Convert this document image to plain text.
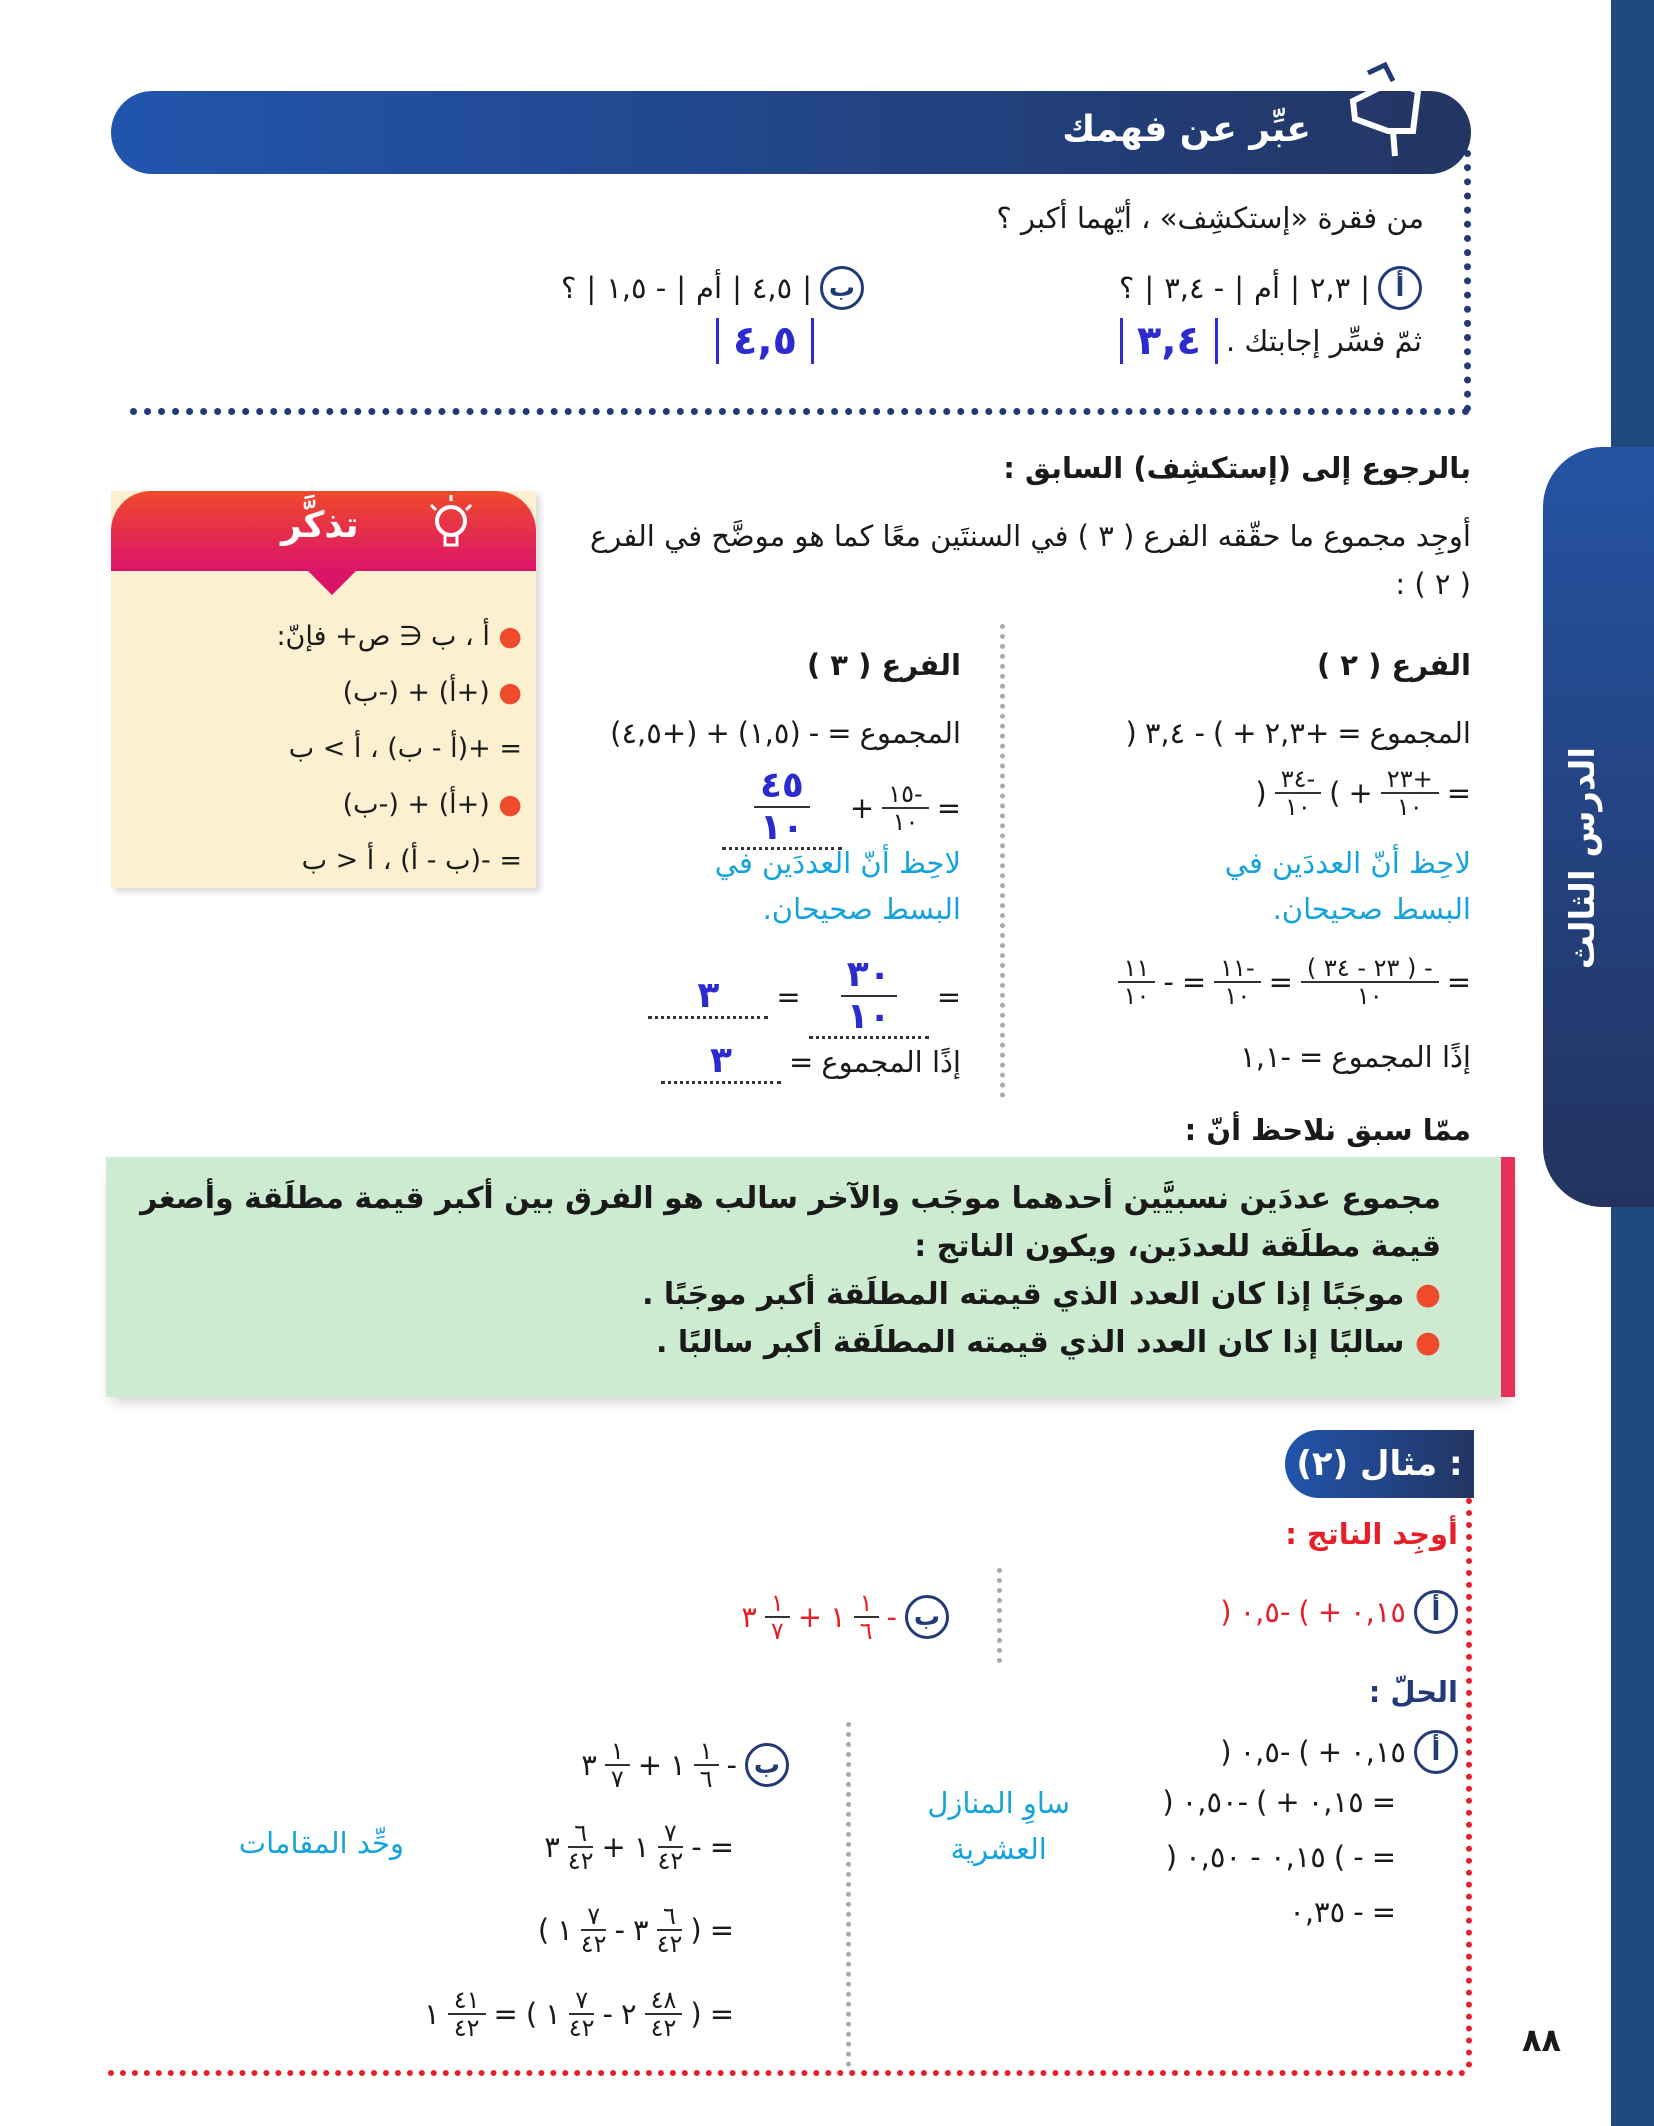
الدرس الثالث
عبِّر عن فهمك
من فقرة «إستكشِف» ، أيّهما أكبر ؟
؟ | ٣,٤ - | أم | ٢,٣ | أ
؟ | ١,٥ - | أم | ٤,٥ | ب
٣,٤ ثمّ فسِّر إجابتك .
٤,٥
بالرجوع إلى (إستكشِف) السابق :
أوجِد مجموع ما حقّقه الفرع ( ٣ ) في السنتَين معًا كما هو موضَّح في الفرع ( ٢ ) :
الفرع ( ٢ )
) ٣,٤ - ( + ٢,٣+ = المجموع
) $\frac{٣٤-}{١٠}$ ( + $\frac{٢٣+}{١٠}$ =
لاحِظ أنّ العددَين في
البسط صحيحان.
$\frac{١١}{١٠}$ - = $\frac{١١-}{١٠} = \frac{( ٢٣ - ٣٤ ) -}{١٠}$ =
١,١- = إذًا المجموع
الفرع ( ٣ )
(٤,٥+) + (١,٥) - = المجموع
$\frac{٤٥}{١٠} + \frac{١٥-}{١٠}$ =
لاحِظ أنّ العددَين في
البسط صحيحان.
٣	= $\frac{٣٠}{١٠}$ =
٣	= إذًا المجموع
تذكَّر
● أ ، ب ∈ ص+ فإنّ:
● (+أ) + (-ب)
= +(أ - ب) ، أ > ب
● (+أ) + (-ب)
= -(ب - أ) ، أ < ب
ممّا سبق نلاحظ أنّ :
مجموع عددَين نسبيَّين أحدهما موجَب والآخر سالب هو الفرق بين أكبر قيمة مطلَقة وأصغر قيمة مطلَقة للعددَين، ويكون الناتج :
● موجَبًا إذا كان العدد الذي قيمته المطلَقة أكبر موجَبًا .
● سالبًا إذا كان العدد الذي قيمته المطلَقة أكبر سالبًا .
مثال (٢) :
أوجِد الناتج :
) ٠,٥- ( + ٠,١٥ أ
٣ $\frac{١}{٧}$ + ١ $\frac{١}{٦}$ - ب
الحلّ :
) ٠,٥- ( + ٠,١٥ أ
) ٠,٥٠- ( + ٠,١٥ =
) ٠,١٥ - ٠,٥٠ ( - =
٠,٣٥ - =
ساوِ المنازل
العشرية
٣ $\frac{١}{٧}$ + ١ $\frac{١}{٦}$ - ب
٣ $\frac{٦}{٤٢}$ + ١ $\frac{٧}{٤٢}$ - =
وحِّد المقامات
( ١ $\frac{٧}{٤٢}$ - ٣ $\frac{٦}{٤٢}$ ) =
١ $\frac{٤١}{٤٢}$ = ( ١ $\frac{٧}{٤٢}$ - ٢ $\frac{٤٨}{٤٢}$ ) =
٨٨
